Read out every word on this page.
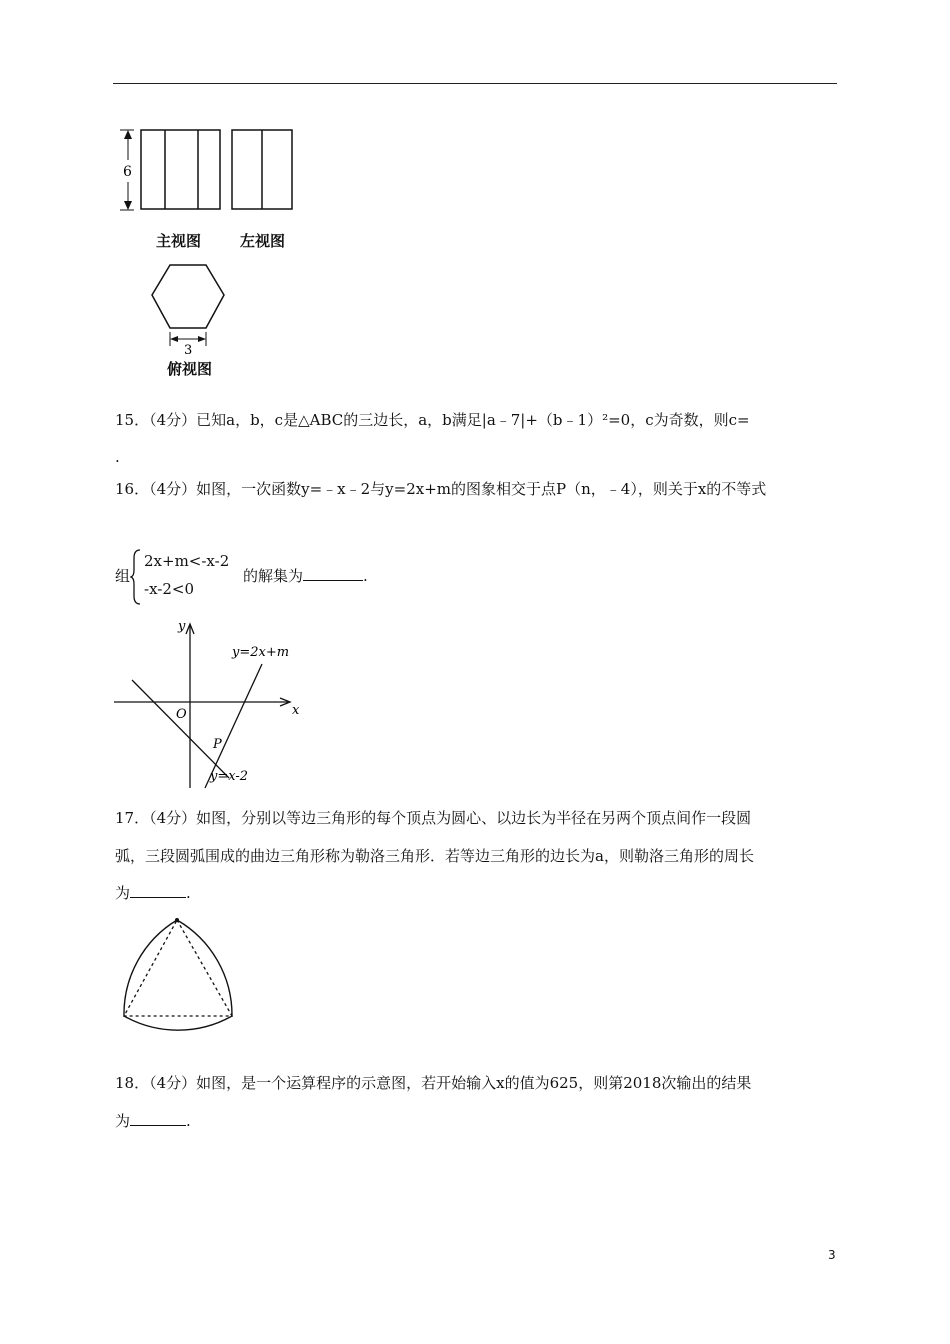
6
3
主视图	左视图
俯视图
15．（4分）已知a，b，c是△ABC的三边长，a，b满足|a﹣7|+（b﹣1）²=0，c为奇数，则c=
.
16．（4分）如图，一次函数y=﹣x﹣2与y=2x+m的图象相交于点P（n，﹣4），则关于x的不等式
组
2x+m<-x-2
-x-2<0
的解集为	.
y
x
O
P
y=2x+m
y=x-2
17．（4分）如图，分别以等边三角形的每个顶点为圆心、以边长为半径在另两个顶点间作一段圆
弧，三段圆弧围成的曲边三角形称为勒洛三角形．若等边三角形的边长为a，则勒洛三角形的周长
为	.
18．（4分）如图，是一个运算程序的示意图，若开始输入x的值为625，则第2018次输出的结果
为	.
3
